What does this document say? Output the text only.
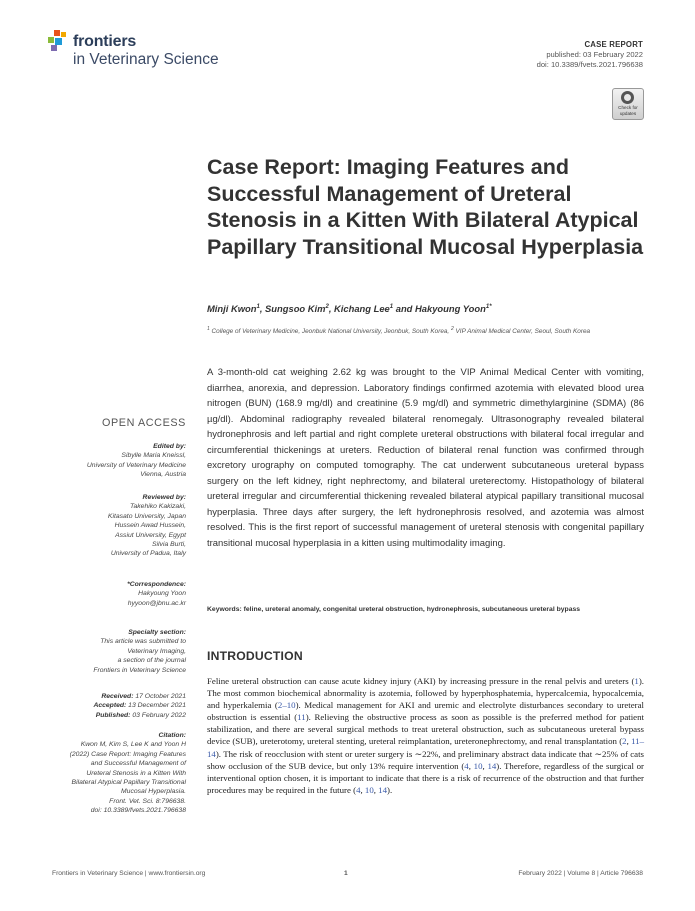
frontiers
in Veterinary Science
CASE REPORT
published: 03 February 2022
doi: 10.3389/fvets.2021.796638
Check for updates
Case Report: Imaging Features and Successful Management of Ureteral Stenosis in a Kitten With Bilateral Atypical Papillary Transitional Mucosal Hyperplasia
Minji Kwon$^1$, Sungsoo Kim$^2$, Kichang Lee$^1$ and Hakyoung Yoon$^{1*}$
$^1$ College of Veterinary Medicine, Jeonbuk National University, Jeonbuk, South Korea, $^2$ VIP Animal Medical Center, Seoul, South Korea
A 3-month-old cat weighing 2.62 kg was brought to the VIP Animal Medical Center with vomiting, diarrhea, anorexia, and depression. Laboratory findings confirmed azotemia with elevated blood urea nitrogen (BUN) (168.9 mg/dl) and creatinine (5.9 mg/dl) and symmetric dimethylarginine (SDMA) (86 µg/dl). Abdominal radiography revealed bilateral renomegaly. Ultrasonography revealed bilateral hydronephrosis and left partial and right complete ureteral obstructions with bilateral focal irregular and circumferential thickenings at ureters. Reduction of bilateral renal function was confirmed through excretory urography on computed tomography. The cat underwent subcutaneous ureteral bypass surgery on the left kidney, right nephrectomy, and bilateral ureterectomy. Histopathology of bilateral ureteral irregular and circumferential thickening revealed bilateral atypical papillary transitional mucosal hyperplasia. Three days after surgery, the left hydronephrosis resolved, and azotemia was almost resolved. This is the first report of successful management of ureteral stenosis with congenital papillary transitional mucosal hyperplasia in a kitten using multimodality imaging.
Keywords: feline, ureteral anomaly, congenital ureteral obstruction, hydronephrosis, subcutaneous ureteral bypass
INTRODUCTION
Feline ureteral obstruction can cause acute kidney injury (AKI) by increasing pressure in the renal pelvis and ureters (1). The most common biochemical abnormality is azotemia, followed by hyperphosphatemia, hypercalcemia, hypocalcemia, and hyperkalemia (2–10). Medical management for AKI and uremic and electrolyte disturbances secondary to ureteral obstruction is essential (11). Relieving the obstructive process as soon as possible is the preferred method for patient stabilization, and there are several surgical methods to treat ureteral obstruction, such as subcutaneous ureteral bypass device (SUB), ureterotomy, ureteral stenting, ureteral reimplantation, ureteronephrectomy, and renal transplantation (2, 11–14). The risk of reocclusion with stent or ureter surgery is ∼22%, and preliminary abstract data indicate that ∼25% of cats show occlusion of the SUB device, but only 13% require intervention (4, 10, 14). Therefore, regardless of the surgical or interventional option chosen, it is important to indicate that there is a risk of recurrence of the obstruction and that further procedures may be required in the future (4, 10, 14).
OPEN ACCESS
Edited by:
Sibylle Maria Kneissl,
University of Veterinary Medicine
Vienna, Austria
Reviewed by:
Takehiko Kakizaki,
Kitasato University, Japan
Hussein Awad Hussein,
Assiut University, Egypt
Silvia Burti,
University of Padua, Italy
*Correspondence:
Hakyoung Yoon
hyyoon@jbnu.ac.kr
Specialty section:
This article was submitted to
Veterinary Imaging,
a section of the journal
Frontiers in Veterinary Science
Received: 17 October 2021
Accepted: 13 December 2021
Published: 03 February 2022
Citation:
Kwon M, Kim S, Lee K and Yoon H
(2022) Case Report: Imaging Features
and Successful Management of
Ureteral Stenosis in a Kitten With
Bilateral Atypical Papillary Transitional
Mucosal Hyperplasia.
Front. Vet. Sci. 8:796638.
doi: 10.3389/fvets.2021.796638
Frontiers in Veterinary Science | www.frontiersin.org	1	February 2022 | Volume 8 | Article 796638
